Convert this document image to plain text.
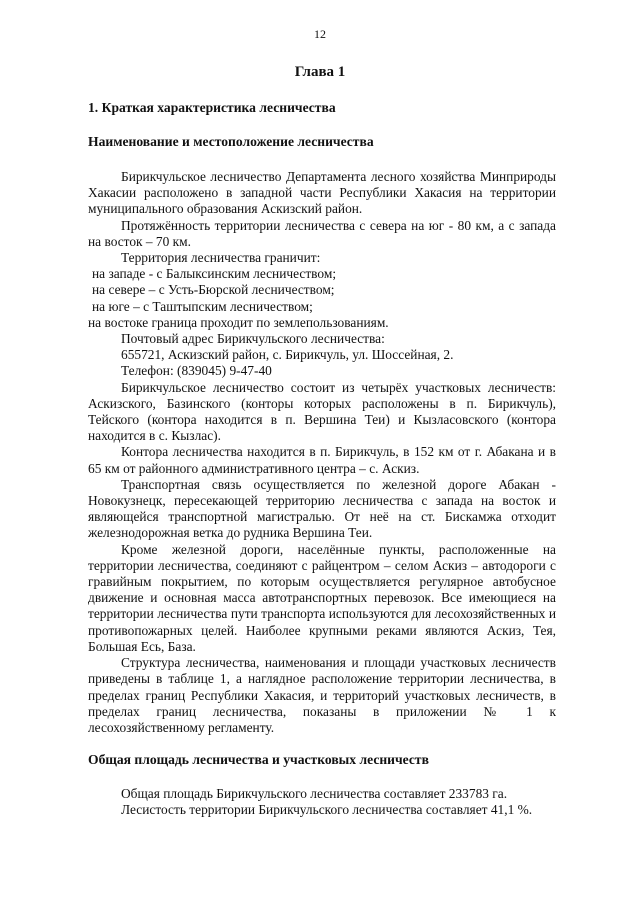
12
Глава 1
1. Краткая характеристика лесничества
Наименование и местоположение лесничества

Бирикчульское лесничество Департамента лесного хозяйства Минприроды Хакасии расположено в западной части Республики Хакасия на территории муниципального образования Аскизский район.

Протяжённость территории лесничества с севера на юг - 80 км, а с запада на восток – 70 км.

Территория лесничества граничит:

на западе - с Балыксинским лесничеством;

на севере – с Усть-Бюрской лесничеством;

на юге – с Таштыпским лесничеством;

на востоке граница проходит по землепользованиям.

Почтовый адрес Бирикчульского лесничества:

655721, Аскизский район, с. Бирикчуль, ул. Шоссейная, 2.

Телефон: (839045) 9-47-40

Бирикчульское лесничество состоит из четырёх участковых лесничеств: Аскизского, Базинского (конторы которых расположены в п. Бирикчуль), Тейского (контора находится в п. Вершина Теи) и Кызласовского (контора находится в с. Кызлас).

Контора лесничества находится в п. Бирикчуль, в 152 км от г. Абакана и в 65 км от районного административного центра – с. Аскиз.

Транспортная связь осуществляется по железной дороге Абакан - Новокузнецк, пересекающей территорию лесничества с запада на восток и являющейся транспортной магистралью. От неё на ст. Бискамжа отходит железнодорожная ветка до рудника Вершина Теи.

Кроме железной дороги, населённые пункты, расположенные на территории лесничества, соединяют с райцентром – селом Аскиз – автодороги с гравийным покрытием, по которым осуществляется регулярное автобусное движение и основная масса автотранспортных перевозок. Все имеющиеся на территории лесничества пути транспорта используются для лесохозяйственных и противопожарных целей. Наиболее крупными реками являются Аскиз, Тея, Большая Есь, База.

Структура лесничества, наименования и площади участковых лесничеств приведены в таблице 1, а наглядное расположение территории лесничества, в пределах границ Республики Хакасия, и территорий участковых лесничеств, в пределах границ лесничества, показаны в приложении № 1 к лесохозяйственному регламенту.

Общая площадь лесничества и участковых лесничеств

Общая площадь Бирикчульского лесничества составляет 233783 га.

Лесистость территории Бирикчульского лесничества составляет 41,1 %.
